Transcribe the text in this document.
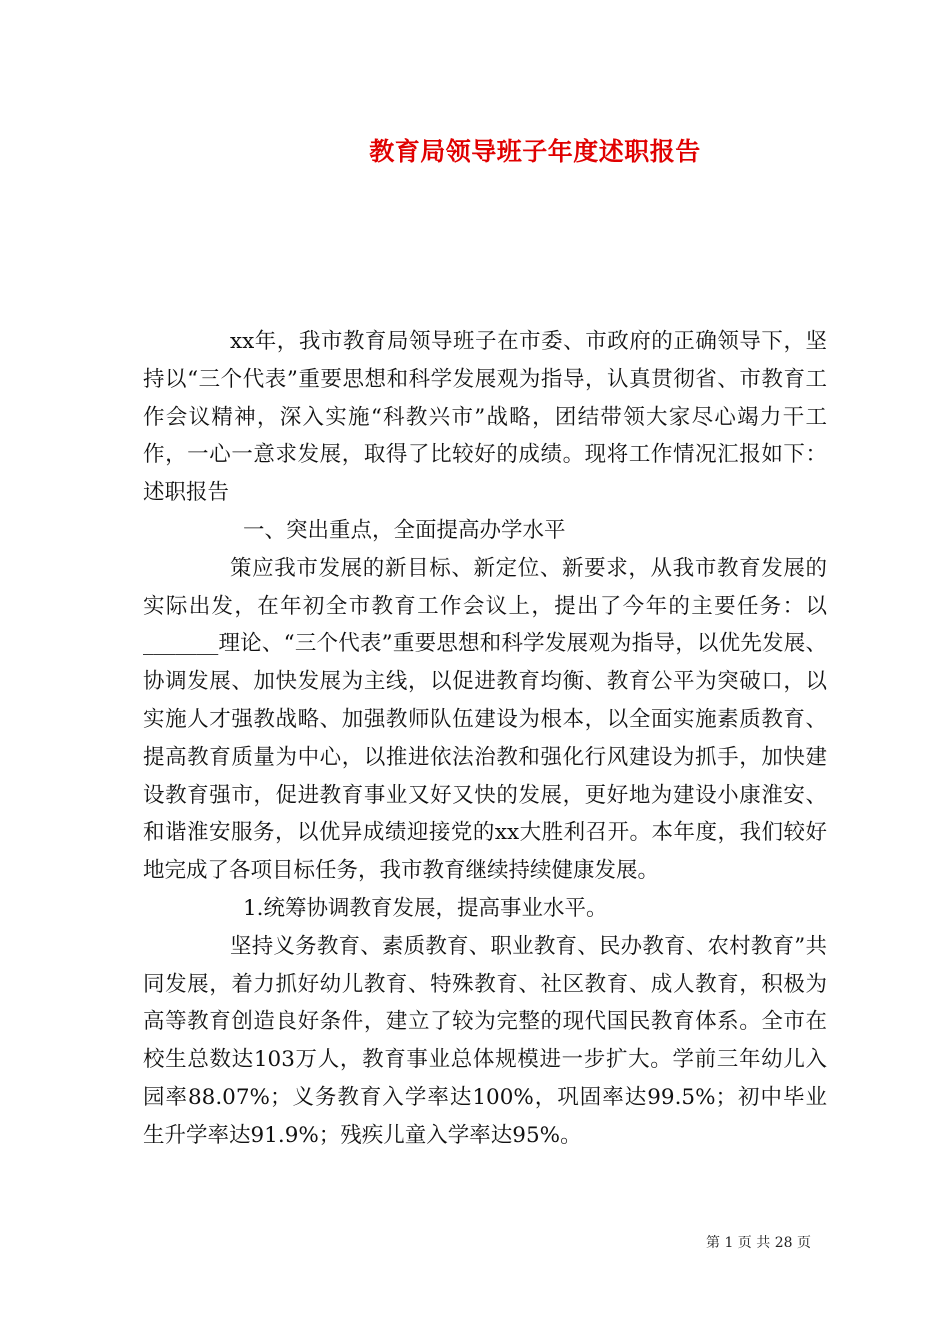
教育局领导班子年度述职报告

xx年，我市教育局领导班子在市委、市政府的正确领导下，坚持以“三个代表”重要思想和科学发展观为指导，认真贯彻省、市教育工作会议精神，深入实施“科教兴市”战略，团结带领大家尽心竭力干工作，一心一意求发展，取得了比较好的成绩。现将工作情况汇报如下：述职报告

一、突出重点，全面提高办学水平

策应我市发展的新目标、新定位、新要求，从我市教育发展的实际出发，在年初全市教育工作会议上，提出了今年的主要任务：以_______理论、“三个代表”重要思想和科学发展观为指导，以优先发展、协调发展、加快发展为主线，以促进教育均衡、教育公平为突破口，以实施人才强教战略、加强教师队伍建设为根本，以全面实施素质教育、提高教育质量为中心，以推进依法治教和强化行风建设为抓手，加快建设教育强市，促进教育事业又好又快的发展，更好地为建设小康淮安、和谐淮安服务，以优异成绩迎接党的xx大胜利召开。本年度，我们较好地完成了各项目标任务，我市教育继续持续健康发展。

1.统筹协调教育发展，提高事业水平。

坚持义务教育、素质教育、职业教育、民办教育、农村教育”共同发展，着力抓好幼儿教育、特殊教育、社区教育、成人教育，积极为高等教育创造良好条件，建立了较为完整的现代国民教育体系。全市在校生总数达103万人，教育事业总体规模进一步扩大。学前三年幼儿入园率88.07%；义务教育入学率达100%，巩固率达99.5%；初中毕业生升学率达91.9%；残疾儿童入学率达95%。

第 1 页 共 28 页
